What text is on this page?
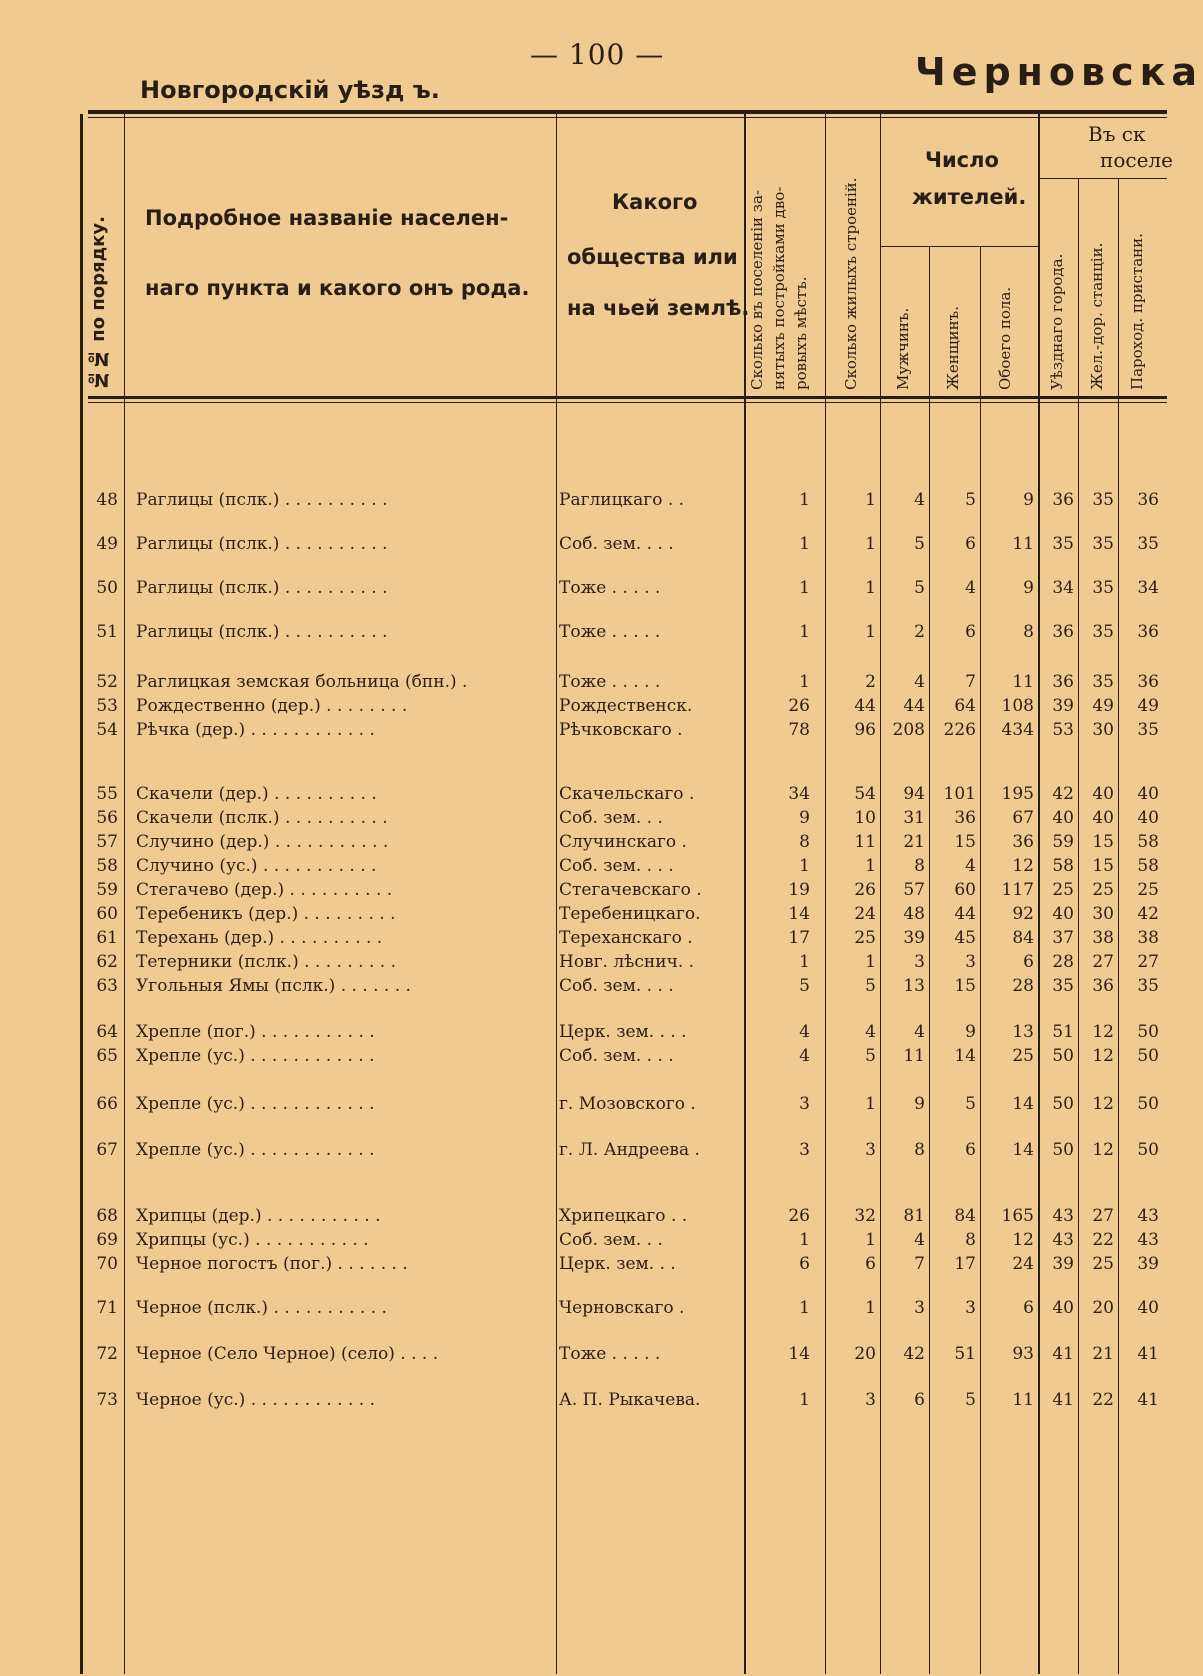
— 100 —
Новгородскій уѣзд ъ.	Черновска
№№ по порядку. Подробное названіе населен-
наго пункта и какого онъ рода.
Какого
общества или
на чьей землѣ.
Сколько въ поселеніи за- нятыхъ постройками дво- ровыхъ мѣстъ. Сколько жилыхъ строеній.
Число
жителей.
Мужчинъ. Женщинъ. Обоего пола.
Въ ск
поселе
Уѣзднаго города. Жел.-дор. станціи. Пароход. пристани.
48 Раглицы (пслк.) . . . . . . . . . .	Раглицкаго . .	1	1	4	5	9	36	35	36
49 Раглицы (пслк.) . . . . . . . . . .	Соб. зем. . . .	1	1	5	6	11	35	35	35
50 Раглицы (пслк.) . . . . . . . . . .	Тоже . . . . .	1	1	5	4	9	34	35	34
51 Раглицы (пслк.) . . . . . . . . . .	Тоже . . . . .	1	1	2	6	8	36	35	36
52 Раглицкая земская больница (бпн.) .	Тоже . . . . .	1	2	4	7	11	36	35	36
53 Рождественно (дер.) . . . . . . . .	Рождественск.	26	44	44	64	108	39	49	49
54 Рѣчка (дер.) . . . . . . . . . . . .	Рѣчковскаго .	78	96 208	226	434	53	30	35
55 Скачели (дер.) . . . . . . . . . .	Скачельскаго .	34	54	94	101	195	42	40	40
56 Скачели (пслк.) . . . . . . . . . .	Соб. зем. . .	9	10	31	36	67	40	40	40
57 Случино (дер.) . . . . . . . . . . .	Случинскаго .	8	11	21	15	36	59	15	58
58 Случино (ус.) . . . . . . . . . . .	Соб. зем. . . .	1	1	8	4	12	58	15	58
59 Стегачево (дер.) . . . . . . . . . .	Стегачевскаго .	19	26	57	60	117	25	25	25
60 Теребеникъ (дер.) . . . . . . . . .	Теребеницкаго.	14	24	48	44	92	40	30	42
61 Терехань (дер.) . . . . . . . . . .	Тереханскаго .	17	25	39	45	84	37	38	38
62 Тетерники (пслк.) . . . . . . . . .	Новг. лѣснич. .	1	1	3	3	6	28	27	27
63 Угольныя Ямы (пслк.) . . . . . . .	Соб. зем. . . .	5	5	13	15	28	35	36	35
64 Хрепле (пог.) . . . . . . . . . . .	Церк. зем. . . .	4	4	4	9	13	51	12	50
65 Хрепле (ус.) . . . . . . . . . . . .	Соб. зем. . . .	4	5	11	14	25	50	12	50
66 Хрепле (ус.) . . . . . . . . . . . .	г. Мозовского .	3	1	9	5	14	50	12	50
67 Хрепле (ус.) . . . . . . . . . . . .	г. Л. Андреева .	3	3	8	6	14	50	12	50
68 Хрипцы (дер.) . . . . . . . . . . .	Хрипецкаго . .	26	32	81	84	165	43	27	43
69 Хрипцы (ус.) . . . . . . . . . . .	Соб. зем. . .	1	1	4	8	12	43	22	43
70 Черное погостъ (пог.) . . . . . . .	Церк. зем. . .	6	6	7	17	24	39	25	39
71 Черное (пслк.) . . . . . . . . . . .	Черновскаго .	1	1	3	3	6	40	20	40
72 Черное (Село Черное) (село) . . . .	Тоже . . . . .	14	20	42	51	93	41	21	41
73 Черное (ус.) . . . . . . . . . . . .	А. П. Рыкачева.	1	3	6	5	11	41	22	41
